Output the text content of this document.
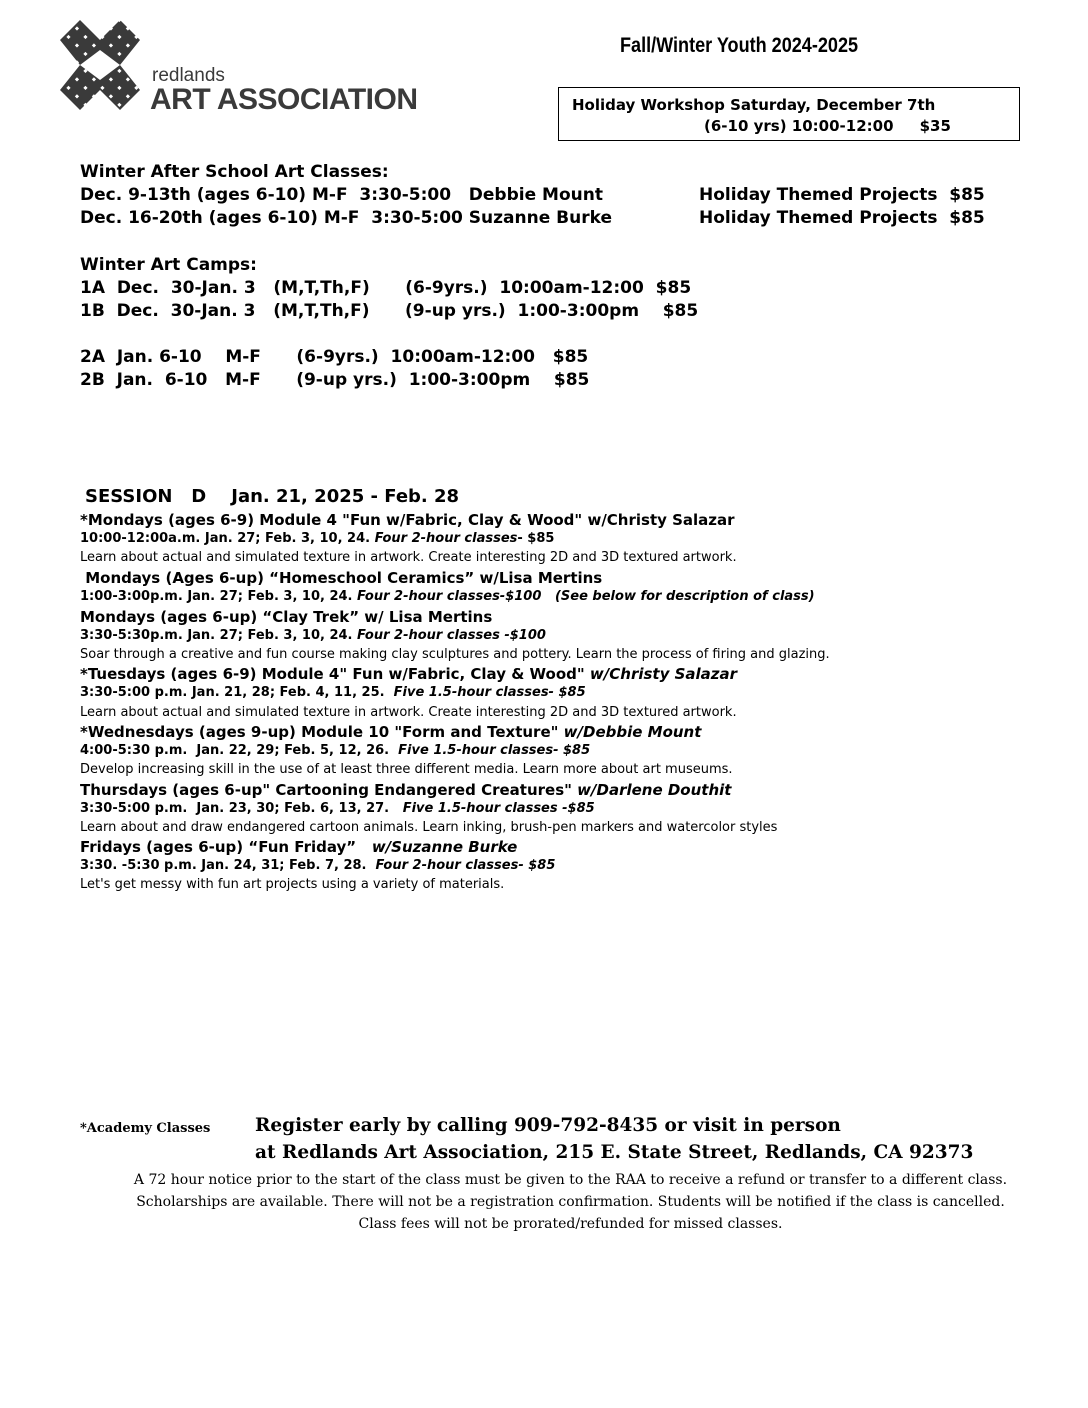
redlands
ART ASSOCIATION
Fall/Winter Youth 2024-2025
Holiday Workshop Saturday, December 7th
(6-10 yrs) 10:00-12:00     $35
Winter After School Art Classes:
Dec. 9-13th (ages 6-10) M-F  3:30-5:00   Debbie Mount	Holiday Themed Projects  $85
Dec. 16-20th (ages 6-10) M-F  3:30-5:00 Suzanne Burke	Holiday Themed Projects  $85
Winter Art Camps:
1A  Dec.  30-Jan. 3   (M,T,Th,F)      (6-9yrs.)  10:00am-12:00  $85
1B  Dec.  30-Jan. 3   (M,T,Th,F)      (9-up yrs.)  1:00-3:00pm    $85
2A  Jan. 6-10    M-F      (6-9yrs.)  10:00am-12:00   $85
2B  Jan.  6-10   M-F      (9-up yrs.)  1:00-3:00pm    $85
SESSION   D    Jan. 21, 2025 - Feb. 28
*Mondays (ages 6-9) Module 4 "Fun w/Fabric, Clay & Wood" w/Christy Salazar
10:00-12:00a.m. Jan. 27; Feb. 3, 10, 24. Four 2-hour classes- $85
Learn about actual and simulated texture in artwork. Create interesting 2D and 3D textured artwork.
Mondays (Ages 6-up) “Homeschool Ceramics” w/Lisa Mertins
1:00-3:00p.m. Jan. 27; Feb. 3, 10, 24. Four 2-hour classes-$100   (See below for description of class)
Mondays (ages 6-up) “Clay Trek” w/ Lisa Mertins
3:30-5:30p.m. Jan. 27; Feb. 3, 10, 24. Four 2-hour classes -$100
Soar through a creative and fun course making clay sculptures and pottery. Learn the process of firing and glazing.
*Tuesdays (ages 6-9) Module 4" Fun w/Fabric, Clay & Wood" w/Christy Salazar
3:30-5:00 p.m. Jan. 21, 28; Feb. 4, 11, 25.  Five 1.5-hour classes- $85
Learn about actual and simulated texture in artwork. Create interesting 2D and 3D textured artwork.
*Wednesdays (ages 9-up) Module 10 "Form and Texture" w/Debbie Mount
4:00-5:30 p.m.  Jan. 22, 29; Feb. 5, 12, 26.  Five 1.5-hour classes- $85
Develop increasing skill in the use of at least three different media. Learn more about art museums.
Thursdays (ages 6-up" Cartooning Endangered Creatures" w/Darlene Douthit
3:30-5:00 p.m.  Jan. 23, 30; Feb. 6, 13, 27.   Five 1.5-hour classes -$85
Learn about and draw endangered cartoon animals. Learn inking, brush-pen markers and watercolor styles
Fridays (ages 6-up) “Fun Friday”   w/Suzanne Burke
3:30. -5:30 p.m. Jan. 24, 31; Feb. 7, 28.  Four 2-hour classes- $85
Let's get messy with fun art projects using a variety of materials.
*Academy Classes Register early by calling 909-792-8435 or visit in person
at Redlands Art Association, 215 E. State Street, Redlands, CA 92373
A 72 hour notice prior to the start of the class must be given to the RAA to receive a refund or transfer to a different class. Scholarships are available. There will not be a registration confirmation. Students will be notified if the class is cancelled. Class fees will not be prorated/refunded for missed classes.
